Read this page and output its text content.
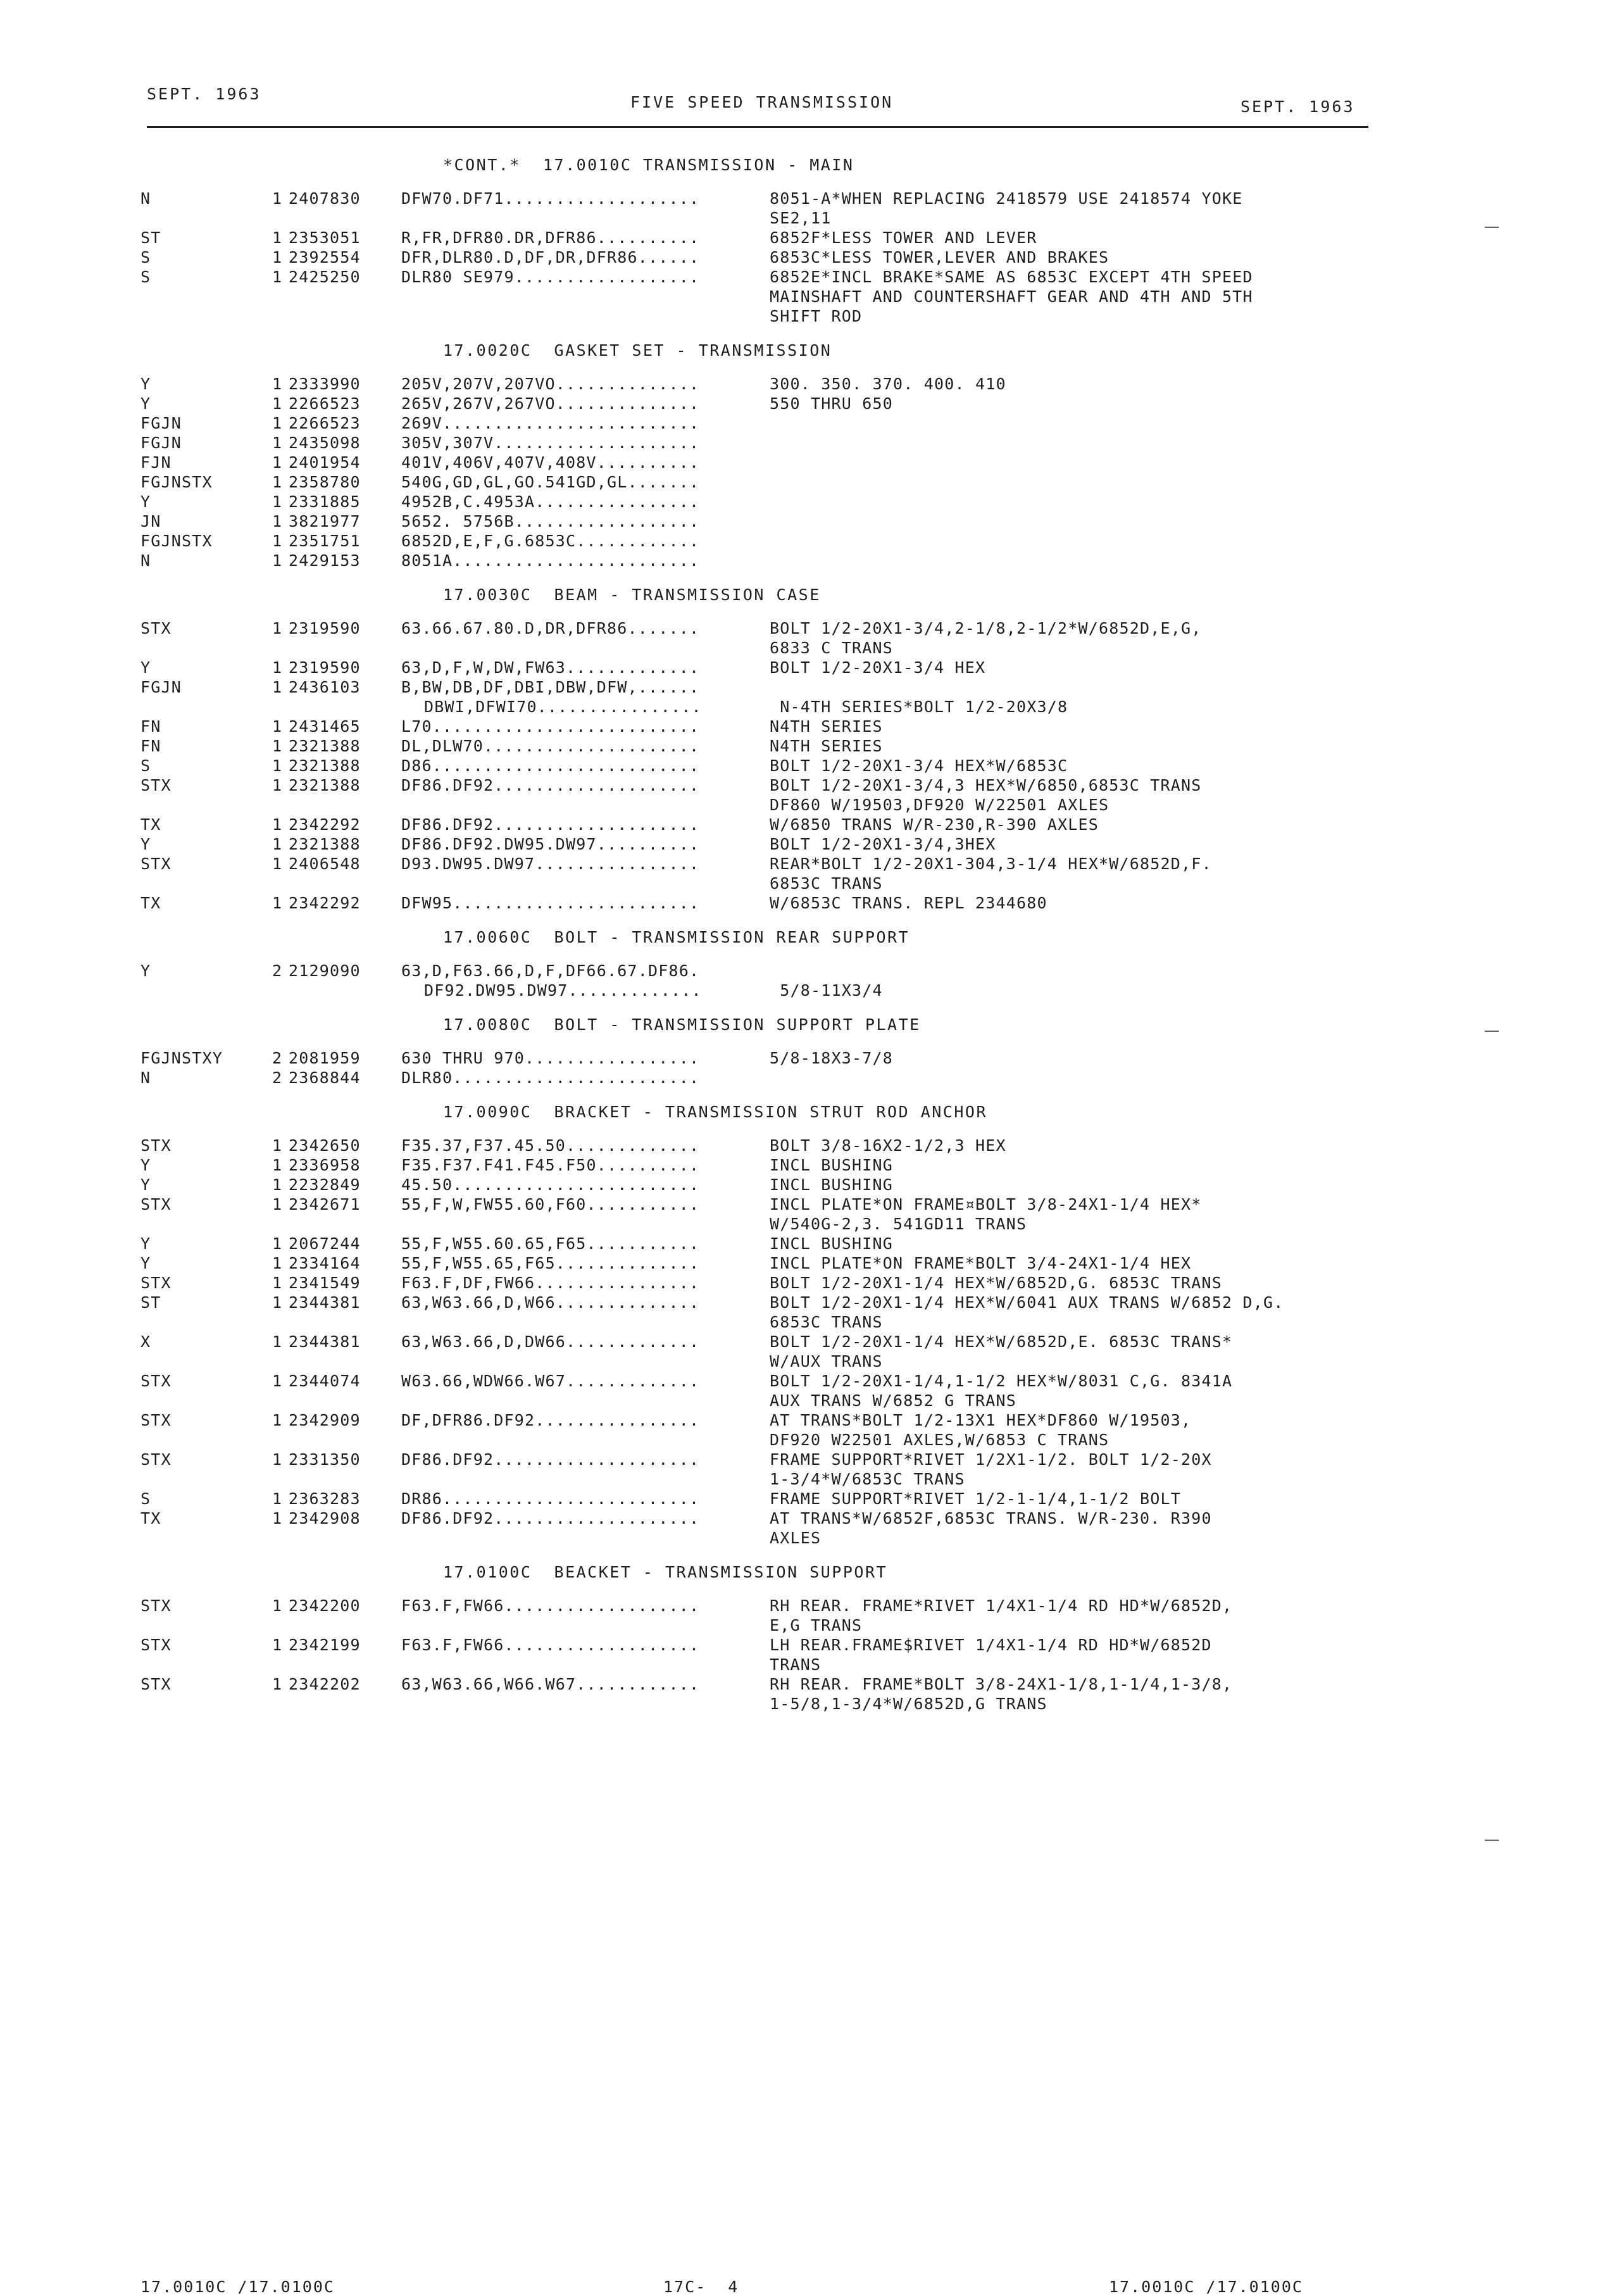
SEPT. 1963	FIVE SPEED TRANSMISSION	SEPT. 1963
*CONT.*  17.0010C TRANSMISSION - MAIN
N	1 2407830	DFW70.DF71...................	8051-A*WHEN REPLACING 2418579 USE 2418574 YOKE
SE2,11
ST	1 2353051	R,FR,DFR80.DR,DFR86..........	6852F*LESS TOWER AND LEVER
S	1 2392554	DFR,DLR80.D,DF,DR,DFR86......	6853C*LESS TOWER,LEVER AND BRAKES
S	1 2425250	DLR80 SE979..................	6852E*INCL BRAKE*SAME AS 6853C EXCEPT 4TH SPEED
MAINSHAFT AND COUNTERSHAFT GEAR AND 4TH AND 5TH
SHIFT ROD
17.0020C  GASKET SET - TRANSMISSION
Y	1 2333990	205V,207V,207VO..............	300. 350. 370. 400. 410
Y	1 2266523	265V,267V,267VO..............	550 THRU 650
FGJN	1 2266523	269V.........................
FGJN	1 2435098	305V,307V....................
FJN	1 2401954	401V,406V,407V,408V..........
FGJNSTX	1 2358780	540G,GD,GL,GO.541GD,GL.......
Y	1 2331885	4952B,C.4953A................
JN	1 3821977	5652. 5756B..................
FGJNSTX	1 2351751	6852D,E,F,G.6853C............
N	1 2429153	8051A........................
17.0030C  BEAM - TRANSMISSION CASE
STX	1 2319590	63.66.67.80.D,DR,DFR86.......	BOLT 1/2-20X1-3/4,2-1/8,2-1/2*W/6852D,E,G,
6833 C TRANS
Y	1 2319590	63,D,F,W,DW,FW63.............	BOLT 1/2-20X1-3/4 HEX
FGJN	1 2436103	B,BW,DB,DF,DBI,DBW,DFW,......
DBWI,DFWI70................	N-4TH SERIES*BOLT 1/2-20X3/8
FN	1 2431465	L70..........................	N4TH SERIES
FN	1 2321388	DL,DLW70.....................	N4TH SERIES
S	1 2321388	D86..........................	BOLT 1/2-20X1-3/4 HEX*W/6853C
STX	1 2321388	DF86.DF92....................	BOLT 1/2-20X1-3/4,3 HEX*W/6850,6853C TRANS
DF860 W/19503,DF920 W/22501 AXLES
TX	1 2342292	DF86.DF92....................	W/6850 TRANS W/R-230,R-390 AXLES
Y	1 2321388	DF86.DF92.DW95.DW97..........	BOLT 1/2-20X1-3/4,3HEX
STX	1 2406548	D93.DW95.DW97................	REAR*BOLT 1/2-20X1-304,3-1/4 HEX*W/6852D,F.
6853C TRANS
TX	1 2342292	DFW95........................	W/6853C TRANS. REPL 2344680
17.0060C  BOLT - TRANSMISSION REAR SUPPORT
Y	2 2129090	63,D,F63.66,D,F,DF66.67.DF86.
DF92.DW95.DW97.............	5/8-11X3/4
17.0080C  BOLT - TRANSMISSION SUPPORT PLATE
FGJNSTXY	2 2081959	630 THRU 970.................	5/8-18X3-7/8
N	2 2368844	DLR80........................
17.0090C  BRACKET - TRANSMISSION STRUT ROD ANCHOR
STX	1 2342650	F35.37,F37.45.50.............	BOLT 3/8-16X2-1/2,3 HEX
Y	1 2336958	F35.F37.F41.F45.F50..........	INCL BUSHING
Y	1 2232849	45.50........................	INCL BUSHING
STX	1 2342671	55,F,W,FW55.60,F60...........	INCL PLATE*ON FRAME¤BOLT 3/8-24X1-1/4 HEX*
W/540G-2,3. 541GD11 TRANS
Y	1 2067244	55,F,W55.60.65,F65...........	INCL BUSHING
Y	1 2334164	55,F,W55.65,F65..............	INCL PLATE*ON FRAME*BOLT 3/4-24X1-1/4 HEX
STX	1 2341549	F63.F,DF,FW66................	BOLT 1/2-20X1-1/4 HEX*W/6852D,G. 6853C TRANS
ST	1 2344381	63,W63.66,D,W66..............	BOLT 1/2-20X1-1/4 HEX*W/6041 AUX TRANS W/6852 D,G.
6853C TRANS
X	1 2344381	63,W63.66,D,DW66.............	BOLT 1/2-20X1-1/4 HEX*W/6852D,E. 6853C TRANS*
W/AUX TRANS
STX	1 2344074	W63.66,WDW66.W67.............	BOLT 1/2-20X1-1/4,1-1/2 HEX*W/8031 C,G. 8341A
AUX TRANS W/6852 G TRANS
STX	1 2342909	DF,DFR86.DF92................	AT TRANS*BOLT 1/2-13X1 HEX*DF860 W/19503,
DF920 W22501 AXLES,W/6853 C TRANS
STX	1 2331350	DF86.DF92....................	FRAME SUPPORT*RIVET 1/2X1-1/2. BOLT 1/2-20X
1-3/4*W/6853C TRANS
S	1 2363283	DR86.........................	FRAME SUPPORT*RIVET 1/2-1-1/4,1-1/2 BOLT
TX	1 2342908	DF86.DF92....................	AT TRANS*W/6852F,6853C TRANS. W/R-230. R390
AXLES
17.0100C  BEACKET - TRANSMISSION SUPPORT
STX	1 2342200	F63.F,FW66...................	RH REAR. FRAME*RIVET 1/4X1-1/4 RD HD*W/6852D,
E,G TRANS
STX	1 2342199	F63.F,FW66...................	LH REAR.FRAME$RIVET 1/4X1-1/4 RD HD*W/6852D
TRANS
STX	1 2342202	63,W63.66,W66.W67............	RH REAR. FRAME*BOLT 3/8-24X1-1/8,1-1/4,1-3/8,
1-5/8,1-3/4*W/6852D,G TRANS
17.0010C /17.0100C	17C-  4	17.0010C /17.0100C
